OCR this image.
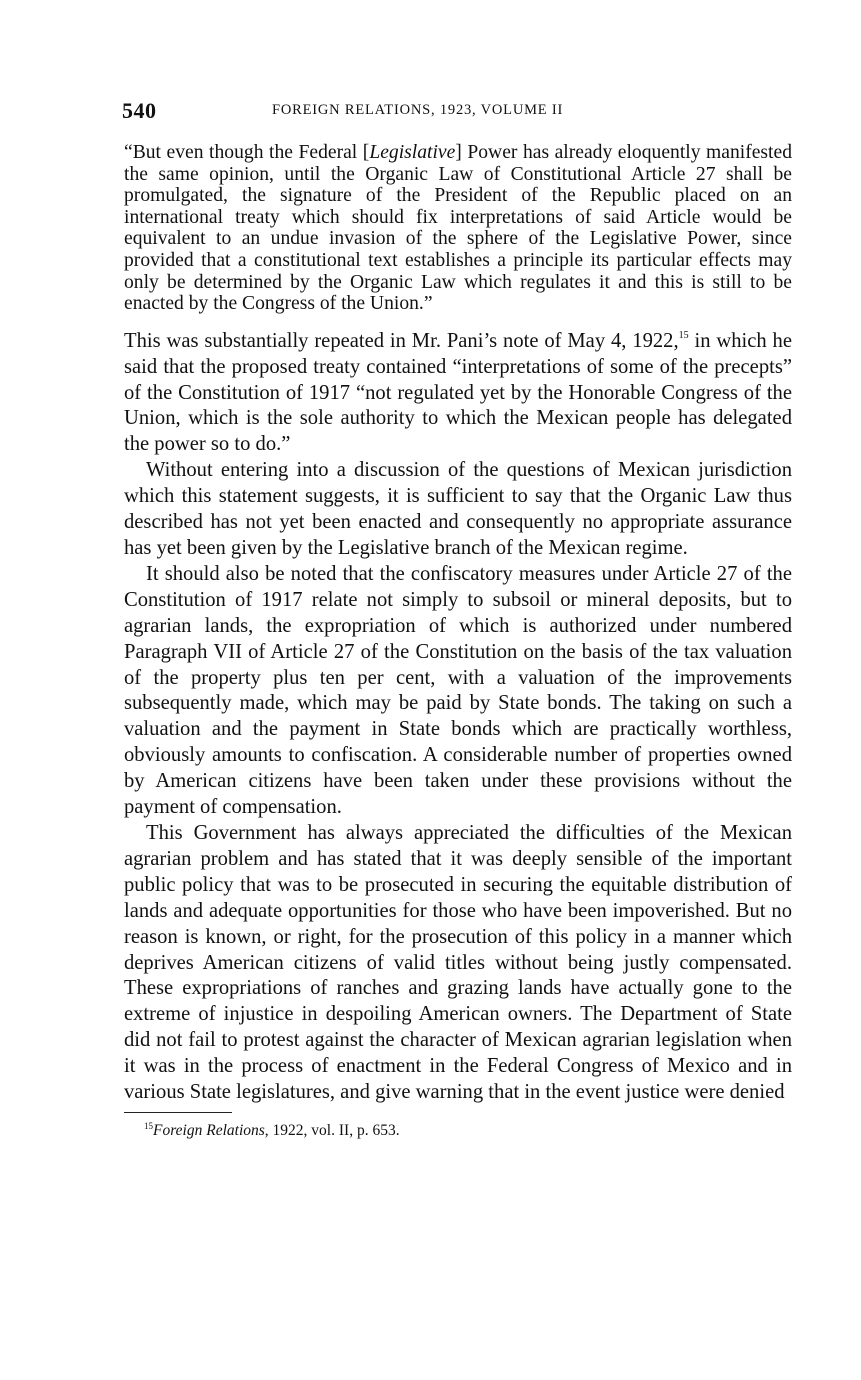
540	FOREIGN RELATIONS, 1923, VOLUME II

“But even though the Federal [Legislative] Power has already eloquently manifested the same opinion, until the Organic Law of Constitutional Article 27 shall be promulgated, the signature of the President of the Republic placed on an international treaty which should fix interpretations of said Article would be equivalent to an undue invasion of the sphere of the Legislative Power, since provided that a constitutional text establishes a principle its particular effects may only be determined by the Organic Law which regulates it and this is still to be enacted by the Congress of the Union.”

This was substantially repeated in Mr. Pani’s note of May 4, 1922,15 in which he said that the proposed treaty contained “interpretations of some of the precepts” of the Constitution of 1917 “not regulated yet by the Honorable Congress of the Union, which is the sole authority to which the Mexican people has delegated the power so to do.”

Without entering into a discussion of the questions of Mexican jurisdiction which this statement suggests, it is sufficient to say that the Organic Law thus described has not yet been enacted and consequently no appropriate assurance has yet been given by the Legislative branch of the Mexican regime.

It should also be noted that the confiscatory measures under Article 27 of the Constitution of 1917 relate not simply to subsoil or mineral deposits, but to agrarian lands, the expropriation of which is authorized under numbered Paragraph VII of Article 27 of the Constitution on the basis of the tax valuation of the property plus ten per cent, with a valuation of the improvements subsequently made, which may be paid by State bonds. The taking on such a valuation and the payment in State bonds which are practically worthless, obviously amounts to confiscation. A considerable number of properties owned by American citizens have been taken under these provisions without the payment of compensation.

This Government has always appreciated the difficulties of the Mexican agrarian problem and has stated that it was deeply sensible of the important public policy that was to be prosecuted in securing the equitable distribution of lands and adequate opportunities for those who have been impoverished. But no reason is known, or right, for the prosecution of this policy in a manner which deprives American citizens of valid titles without being justly compensated. These expropriations of ranches and grazing lands have actually gone to the extreme of injustice in despoiling American owners. The Department of State did not fail to protest against the character of Mexican agrarian legislation when it was in the process of enactment in the Federal Congress of Mexico and in various State legislatures, and give warning that in the event justice were denied

$^{15}$Foreign Relations, 1922, vol. II, p. 653.
